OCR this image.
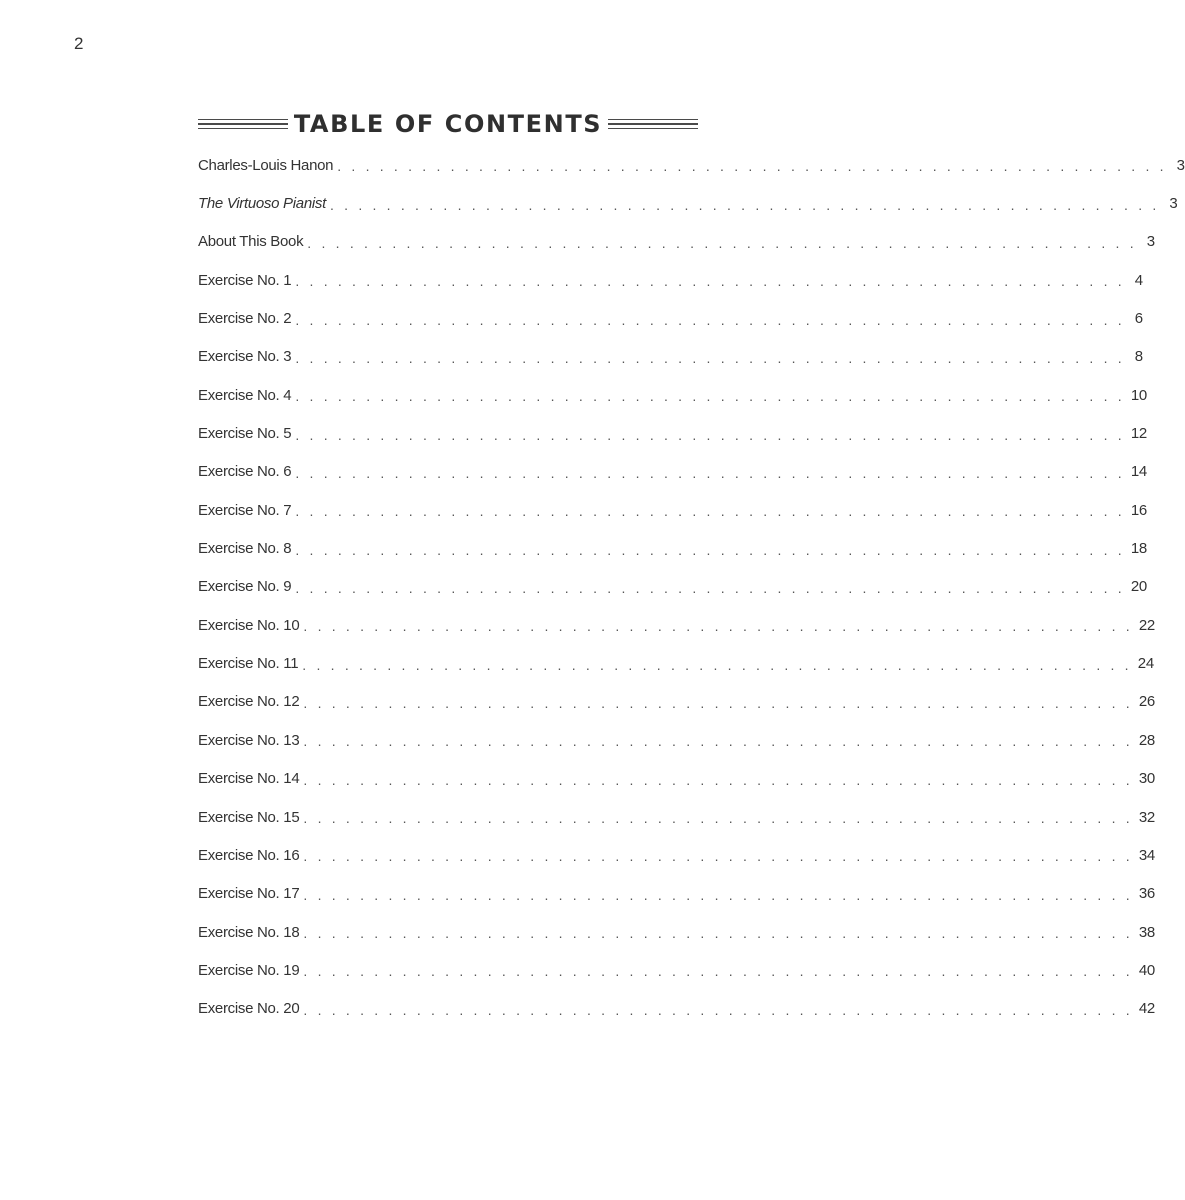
2
TABLE OF CONTENTS
Charles-Louis Hanon . . . . . . . . . . . . . . . . . . . . . . . . . . . . . . . . . . . . . . . . . . . . . . . . . . . . . . . . . . . 3
The Virtuoso Pianist . . . . . . . . . . . . . . . . . . . . . . . . . . . . . . . . . . . . . . . . . . . . . . . . . . . . . . . . . . . 3
About This Book . . . . . . . . . . . . . . . . . . . . . . . . . . . . . . . . . . . . . . . . . . . . . . . . . . . . . . . . . . . 3
Exercise No. 1 . . . . . . . . . . . . . . . . . . . . . . . . . . . . . . . . . . . . . . . . . . . . . . . . . . . . . . . . . . . 4
Exercise No. 2 . . . . . . . . . . . . . . . . . . . . . . . . . . . . . . . . . . . . . . . . . . . . . . . . . . . . . . . . . . . 6
Exercise No. 3 . . . . . . . . . . . . . . . . . . . . . . . . . . . . . . . . . . . . . . . . . . . . . . . . . . . . . . . . . . . 8
Exercise No. 4 . . . . . . . . . . . . . . . . . . . . . . . . . . . . . . . . . . . . . . . . . . . . . . . . . . . . . . . . . . . 10
Exercise No. 5 . . . . . . . . . . . . . . . . . . . . . . . . . . . . . . . . . . . . . . . . . . . . . . . . . . . . . . . . . . . 12
Exercise No. 6 . . . . . . . . . . . . . . . . . . . . . . . . . . . . . . . . . . . . . . . . . . . . . . . . . . . . . . . . . . . 14
Exercise No. 7 . . . . . . . . . . . . . . . . . . . . . . . . . . . . . . . . . . . . . . . . . . . . . . . . . . . . . . . . . . . 16
Exercise No. 8 . . . . . . . . . . . . . . . . . . . . . . . . . . . . . . . . . . . . . . . . . . . . . . . . . . . . . . . . . . . 18
Exercise No. 9 . . . . . . . . . . . . . . . . . . . . . . . . . . . . . . . . . . . . . . . . . . . . . . . . . . . . . . . . . . . 20
Exercise No. 10 . . . . . . . . . . . . . . . . . . . . . . . . . . . . . . . . . . . . . . . . . . . . . . . . . . . . . . . . . . . 22
Exercise No. 11 . . . . . . . . . . . . . . . . . . . . . . . . . . . . . . . . . . . . . . . . . . . . . . . . . . . . . . . . . . . 24
Exercise No. 12 . . . . . . . . . . . . . . . . . . . . . . . . . . . . . . . . . . . . . . . . . . . . . . . . . . . . . . . . . . . 26
Exercise No. 13 . . . . . . . . . . . . . . . . . . . . . . . . . . . . . . . . . . . . . . . . . . . . . . . . . . . . . . . . . . . 28
Exercise No. 14 . . . . . . . . . . . . . . . . . . . . . . . . . . . . . . . . . . . . . . . . . . . . . . . . . . . . . . . . . . . 30
Exercise No. 15 . . . . . . . . . . . . . . . . . . . . . . . . . . . . . . . . . . . . . . . . . . . . . . . . . . . . . . . . . . . 32
Exercise No. 16 . . . . . . . . . . . . . . . . . . . . . . . . . . . . . . . . . . . . . . . . . . . . . . . . . . . . . . . . . . . 34
Exercise No. 17 . . . . . . . . . . . . . . . . . . . . . . . . . . . . . . . . . . . . . . . . . . . . . . . . . . . . . . . . . . . 36
Exercise No. 18 . . . . . . . . . . . . . . . . . . . . . . . . . . . . . . . . . . . . . . . . . . . . . . . . . . . . . . . . . . . 38
Exercise No. 19 . . . . . . . . . . . . . . . . . . . . . . . . . . . . . . . . . . . . . . . . . . . . . . . . . . . . . . . . . . . 40
Exercise No. 20 . . . . . . . . . . . . . . . . . . . . . . . . . . . . . . . . . . . . . . . . . . . . . . . . . . . . . . . . . . . 42
